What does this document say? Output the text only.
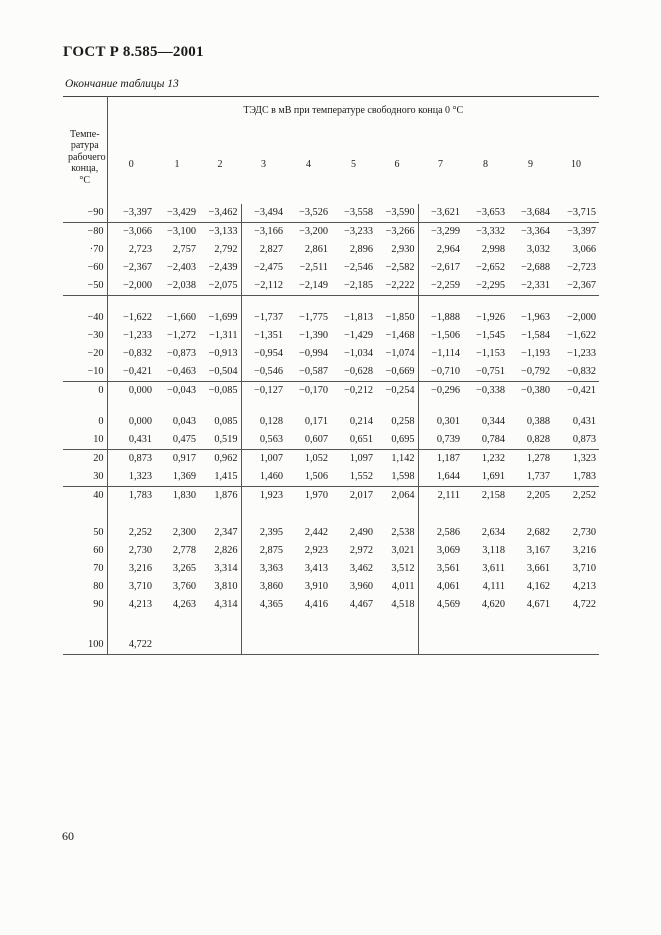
ГОСТ Р 8.585—2001
Окончание таблицы 13
Темпе-ратура рабочего конца, °С	ТЭДС в мВ при температуре свободного конца 0 °С										
	0	1	2	3	4	5	6	7	8	9	10
−90	−3,397	−3,429	−3,462	−3,494	−3,526	−3,558	−3,590	−3,621	−3,653	−3,684	−3,715
−80	−3,066	−3,100	−3,133	−3,166	−3,200	−3,233	−3,266	−3,299	−3,332	−3,364	−3,397
·70	2,723	2,757	2,792	2,827	2,861	2,896	2,930	2,964	2,998	3,032	3,066
−60	−2,367	−2,403	−2,439	−2,475	−2,511	−2,546	−2,582	−2,617	−2,652	−2,688	−2,723
−50	−2,000	−2,038	−2,075	−2,112	−2,149	−2,185	−2,222	−2,259	−2,295	−2,331	−2,367
−40	−1,622	−1,660	−1,699	−1,737	−1,775	−1,813	−1,850	−1,888	−1,926	−1,963	−2,000
−30	−1,233	−1,272	−1,311	−1,351	−1,390	−1,429	−1,468	−1,506	−1,545	−1,584	−1,622
−20	−0,832	−0,873	−0,913	−0,954	−0,994	−1,034	−1,074	−1,114	−1,153	−1,193	−1,233
−10	−0,421	−0,463	−0,504	−0,546	−0,587	−0,628	−0,669	−0,710	−0,751	−0,792	−0,832
0	0,000	−0,043	−0,085	−0,127	−0,170	−0,212	−0,254	−0,296	−0,338	−0,380	−0,421
0	0,000	0,043	0,085	0,128	0,171	0,214	0,258	0,301	0,344	0,388	0,431
10	0,431	0,475	0,519	0,563	0,607	0,651	0,695	0,739	0,784	0,828	0,873
20	0,873	0,917	0,962	1,007	1,052	1,097	1,142	1,187	1,232	1,278	1,323
30	1,323	1,369	1,415	1,460	1,506	1,552	1,598	1,644	1,691	1,737	1,783
40	1,783	1,830	1,876	1,923	1,970	2,017	2,064	2,111	2,158	2,205	2,252
50	2,252	2,300	2,347	2,395	2,442	2,490	2,538	2,586	2,634	2,682	2,730
60	2,730	2,778	2,826	2,875	2,923	2,972	3,021	3,069	3,118	3,167	3,216
70	3,216	3,265	3,314	3,363	3,413	3,462	3,512	3,561	3,611	3,661	3,710
80	3,710	3,760	3,810	3,860	3,910	3,960	4,011	4,061	4,111	4,162	4,213
90	4,213	4,263	4,314	4,365	4,416	4,467	4,518	4,569	4,620	4,671	4,722
100	4,722										
60
